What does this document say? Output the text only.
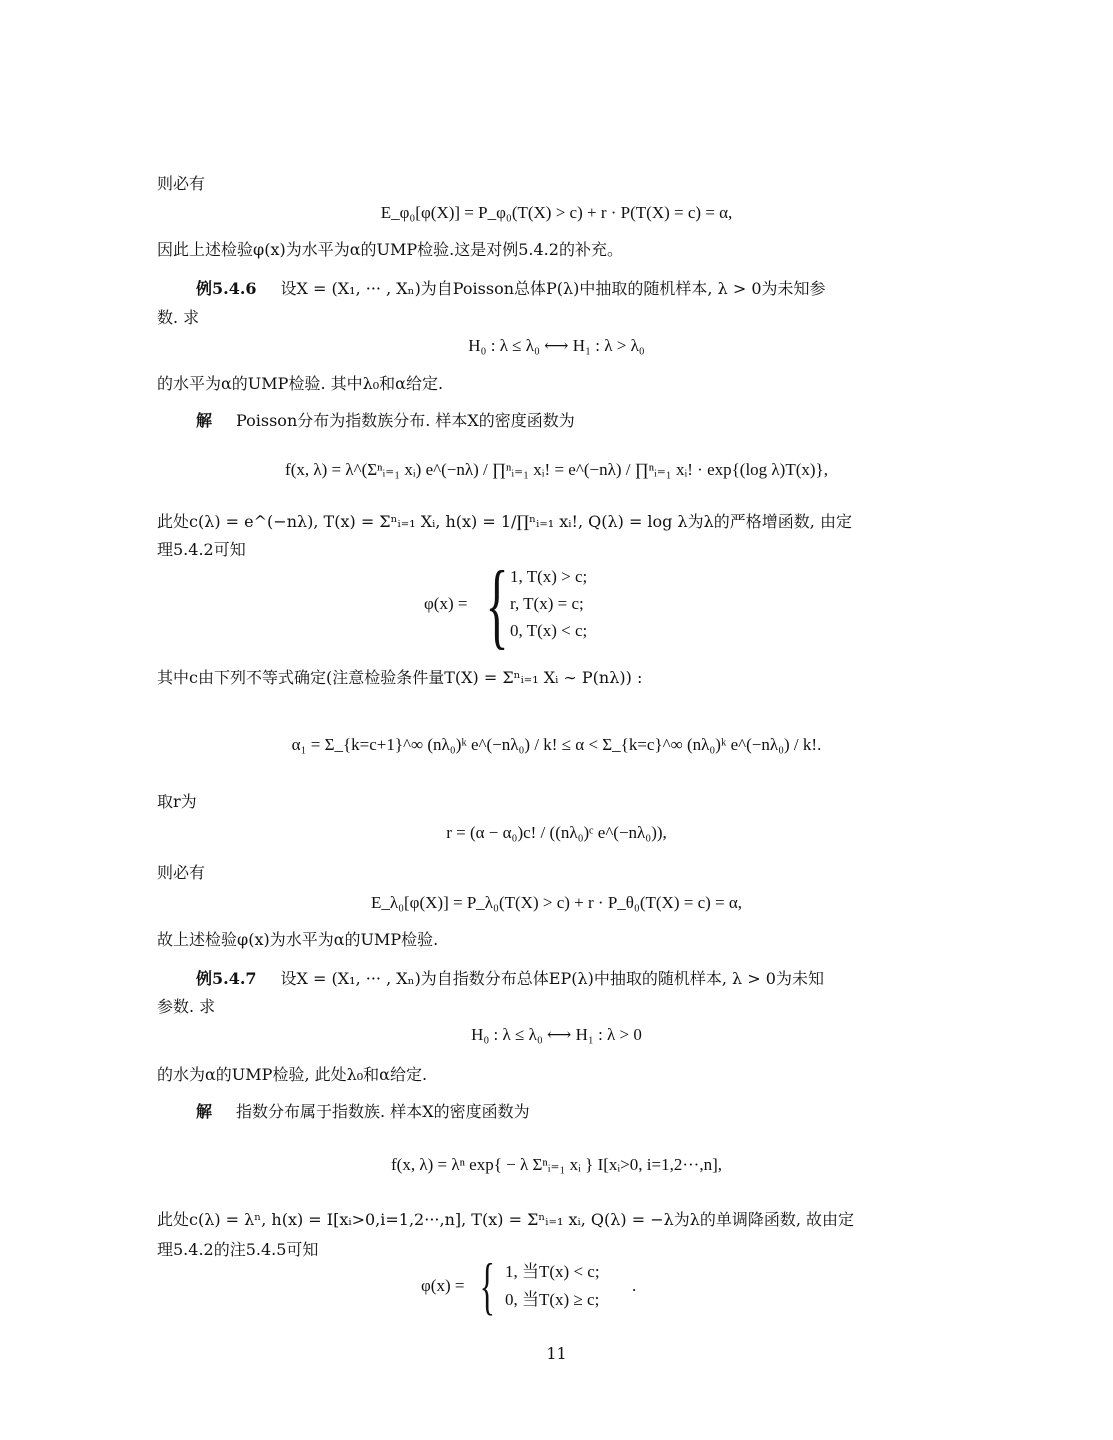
则必有
E_φ₀[φ(X)] = P_φ₀(T(X) > c) + r · P(T(X) = c) = α,
因此上述检验φ(x)为水平为α的UMP检验.这是对例5.4.2的补充。
例5.4.6 设X = (X₁, ··· , Xₙ)为自Poisson总体P(λ)中抽取的随机样本, λ > 0为未知参
数. 求
H₀ : λ ≤ λ₀ ⟷ H₁ : λ > λ₀
的水平为α的UMP检验. 其中λ₀和α给定.
解 Poisson分布为指数族分布. 样本X的密度函数为
f(x, λ) = λ^(Σⁿᵢ₌₁ xᵢ) e^(−nλ) / ∏ⁿᵢ₌₁ xᵢ! = e^(−nλ) / ∏ⁿᵢ₌₁ xᵢ! · exp{(log λ)T(x)},
此处c(λ) = e^(−nλ), T(x) = Σⁿᵢ₌₁ Xᵢ, h(x) = 1/∏ⁿᵢ₌₁ xᵢ!, Q(λ) = log λ为λ的严格增函数, 由定
理5.4.2可知
φ(x) = { 1, T(x) > c;
r, T(x) = c;
0, T(x) < c;
其中c由下列不等式确定(注意检验条件量T(X) = Σⁿᵢ₌₁ Xᵢ ∼ P(nλ)) :
α₁ = Σ_{k=c+1}^∞ (nλ₀)ᵏ e^(−nλ₀) / k! ≤ α < Σ_{k=c}^∞ (nλ₀)ᵏ e^(−nλ₀) / k!.
取r为
r = (α − α₀)c! / ((nλ₀)ᶜ e^(−nλ₀)),
则必有
E_λ₀[φ(X)] = P_λ₀(T(X) > c) + r · P_θ₀(T(X) = c) = α,
故上述检验φ(x)为水平为α的UMP检验.
例5.4.7 设X = (X₁, ··· , Xₙ)为自指数分布总体EP(λ)中抽取的随机样本, λ > 0为未知
参数. 求
H₀ : λ ≤ λ₀ ⟷ H₁ : λ > 0
的水为α的UMP检验, 此处λ₀和α给定.
解 指数分布属于指数族. 样本X的密度函数为
f(x, λ) = λⁿ exp{ − λ Σⁿᵢ₌₁ xᵢ } I[xᵢ>0, i=1,2···,n],
此处c(λ) = λⁿ, h(x) = I[xᵢ>0,i=1,2···,n], T(x) = Σⁿᵢ₌₁ xᵢ, Q(λ) = −λ为λ的单调降函数, 故由定
理5.4.2的注5.4.5可知
φ(x) = { 1, 当T(x) < c;
0, 当T(x) ≥ c;
.
11
